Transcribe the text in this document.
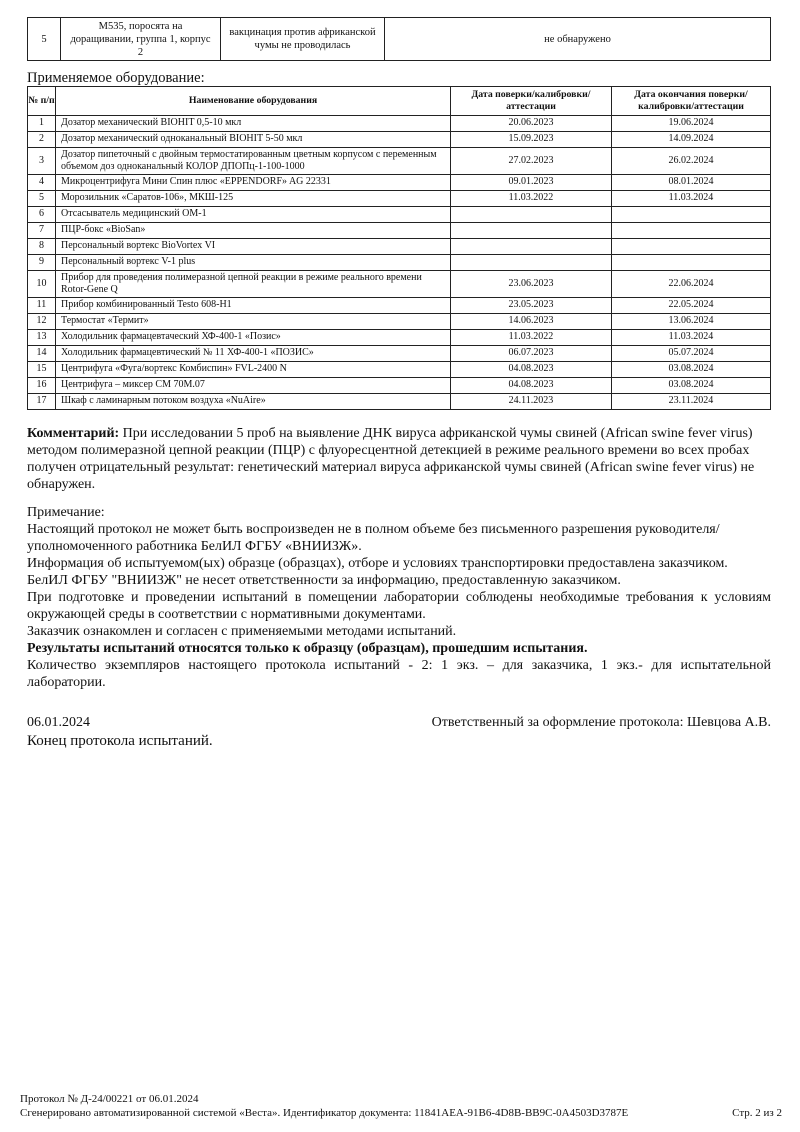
5	М535, поросята на доращивании, группа 1, корпус 2	вакцинация против африканской чумы не проводилась	не обнаружено
Применяемое оборудование:
№ п/п	Наименование оборудования	Дата поверки/калибровки/аттестации	Дата окончания поверки/калибровки/аттестации
1	Дозатор механический BIOHIT 0,5-10 мкл	20.06.2023	19.06.2024
2	Дозатор механический одноканальный BIOHIT 5-50 мкл	15.09.2023	14.09.2024
3	Дозатор пипеточный с двойным термостатированным цветным корпусом с переменным объемом доз одноканальный КОЛОР ДПОПц-1-100-1000	27.02.2023	26.02.2024
4	Микроцентрифуга Мини Спин плюс «EPPENDORF» AG 22331	09.01.2023	08.01.2024
5	Морозильник «Саратов-106», МКШ-125	11.03.2022	11.03.2024
6	Отсасыватель медицинский ОМ-1		
7	ПЦР-бокс «BioSan»		
8	Персональный вортекс BioVortex VI		
9	Персональный вортекс V-1 plus		
10	Прибор для проведения полимеразной цепной реакции в режиме реального времени Rotor-Gene Q	23.06.2023	22.06.2024
11	Прибор комбинированный Testo 608-H1	23.05.2023	22.05.2024
12	Термостат «Термит»	14.06.2023	13.06.2024
13	Холодильник фармацевтачеcкий ХФ-400-1 «Позис»	11.03.2022	11.03.2024
14	Холодильник фармацевтический № 11 ХФ-400-1 «ПОЗИС»	06.07.2023	05.07.2024
15	Центрифуга «Фуга/вортекс Комбиспин» FVL-2400 N	04.08.2023	03.08.2024
16	Центрифуга – миксер СМ 70М.07	04.08.2023	03.08.2024
17	Шкаф с ламинарным потоком воздуха «NuAire»	24.11.2023	23.11.2024
Комментарий: При исследовании 5 проб на выявление ДНК вируса африканской чумы свиней (African swine fever virus) методом полимеразной цепной реакции (ПЦР) с флуоресцентной детекцией в режиме реального времени во всех пробах получен отрицательный результат: генетический материал вируса африканской чумы свиней (African swine fever virus) не обнаружен.
Примечание:
Настоящий протокол не может быть воспроизведен не в полном объеме без письменного разрешения руководителя/уполномоченного работника БелИЛ ФГБУ «ВНИИЗЖ».
Информация об испытуемом(ых) образце (образцах), отборе и условиях транспортировки предоставлена заказчиком.
БелИЛ ФГБУ "ВНИИЗЖ" не несет ответственности за информацию, предоставленную заказчиком.
При подготовке и проведении испытаний в помещении лаборатории соблюдены необходимые требования к условиям окружающей среды в соответствии с нормативными документами.
Заказчик ознакомлен и согласен с применяемыми методами испытаний.
Результаты испытаний относятся только к образцу (образцам), прошедшим испытания.
Количество экземпляров настоящего протокола испытаний - 2: 1 экз. – для заказчика, 1 экз.- для испытательной лаборатории.
06.01.2024	Ответственный за оформление протокола: Шевцова А.В.
Конец протокола испытаний.
Протокол № Д-24/00221 от 06.01.2024
Сгенерировано автоматизированной системой «Веста». Идентификатор документа: 11841AEA-91B6-4D8B-BB9C-0A4503D3787E	Стр. 2 из 2
